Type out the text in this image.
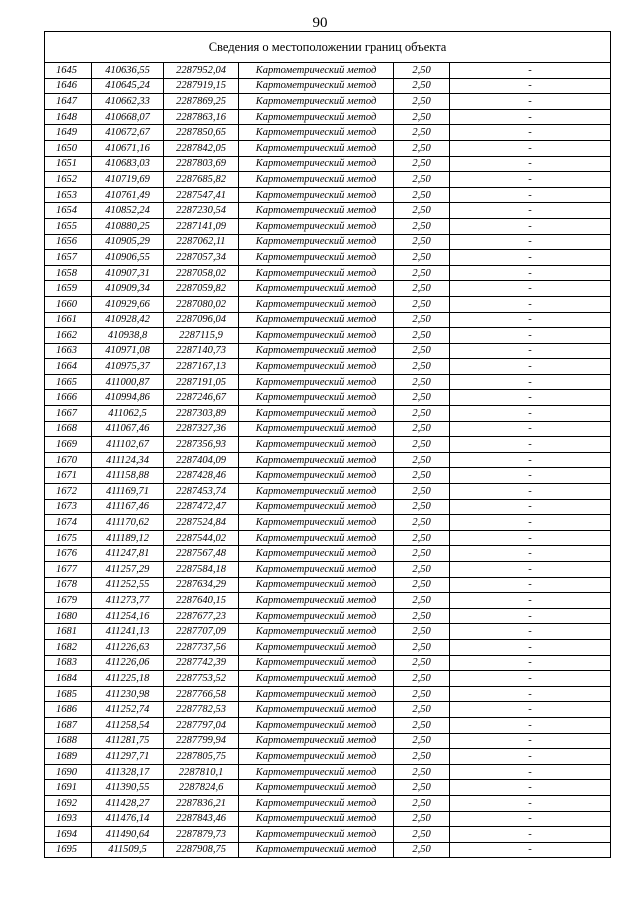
90
Сведения о местоположении границ объекта					
1645	410636,55	2287952,04	Картометрический метод	2,50	-
1646	410645,24	2287919,15	Картометрический метод	2,50	-
1647	410662,33	2287869,25	Картометрический метод	2,50	-
1648	410668,07	2287863,16	Картометрический метод	2,50	-
1649	410672,67	2287850,65	Картометрический метод	2,50	-
1650	410671,16	2287842,05	Картометрический метод	2,50	-
1651	410683,03	2287803,69	Картометрический метод	2,50	-
1652	410719,69	2287685,82	Картометрический метод	2,50	-
1653	410761,49	2287547,41	Картометрический метод	2,50	-
1654	410852,24	2287230,54	Картометрический метод	2,50	-
1655	410880,25	2287141,09	Картометрический метод	2,50	-
1656	410905,29	2287062,11	Картометрический метод	2,50	-
1657	410906,55	2287057,34	Картометрический метод	2,50	-
1658	410907,31	2287058,02	Картометрический метод	2,50	-
1659	410909,34	2287059,82	Картометрический метод	2,50	-
1660	410929,66	2287080,02	Картометрический метод	2,50	-
1661	410928,42	2287096,04	Картометрический метод	2,50	-
1662	410938,8	2287115,9	Картометрический метод	2,50	-
1663	410971,08	2287140,73	Картометрический метод	2,50	-
1664	410975,37	2287167,13	Картометрический метод	2,50	-
1665	411000,87	2287191,05	Картометрический метод	2,50	-
1666	410994,86	2287246,67	Картометрический метод	2,50	-
1667	411062,5	2287303,89	Картометрический метод	2,50	-
1668	411067,46	2287327,36	Картометрический метод	2,50	-
1669	411102,67	2287356,93	Картометрический метод	2,50	-
1670	411124,34	2287404,09	Картометрический метод	2,50	-
1671	411158,88	2287428,46	Картометрический метод	2,50	-
1672	411169,71	2287453,74	Картометрический метод	2,50	-
1673	411167,46	2287472,47	Картометрический метод	2,50	-
1674	411170,62	2287524,84	Картометрический метод	2,50	-
1675	411189,12	2287544,02	Картометрический метод	2,50	-
1676	411247,81	2287567,48	Картометрический метод	2,50	-
1677	411257,29	2287584,18	Картометрический метод	2,50	-
1678	411252,55	2287634,29	Картометрический метод	2,50	-
1679	411273,77	2287640,15	Картометрический метод	2,50	-
1680	411254,16	2287677,23	Картометрический метод	2,50	-
1681	411241,13	2287707,09	Картометрический метод	2,50	-
1682	411226,63	2287737,56	Картометрический метод	2,50	-
1683	411226,06	2287742,39	Картометрический метод	2,50	-
1684	411225,18	2287753,52	Картометрический метод	2,50	-
1685	411230,98	2287766,58	Картометрический метод	2,50	-
1686	411252,74	2287782,53	Картометрический метод	2,50	-
1687	411258,54	2287797,04	Картометрический метод	2,50	-
1688	411281,75	2287799,94	Картометрический метод	2,50	-
1689	411297,71	2287805,75	Картометрический метод	2,50	-
1690	411328,17	2287810,1	Картометрический метод	2,50	-
1691	411390,55	2287824,6	Картометрический метод	2,50	-
1692	411428,27	2287836,21	Картометрический метод	2,50	-
1693	411476,14	2287843,46	Картометрический метод	2,50	-
1694	411490,64	2287879,73	Картометрический метод	2,50	-
1695	411509,5	2287908,75	Картометрический метод	2,50	-
